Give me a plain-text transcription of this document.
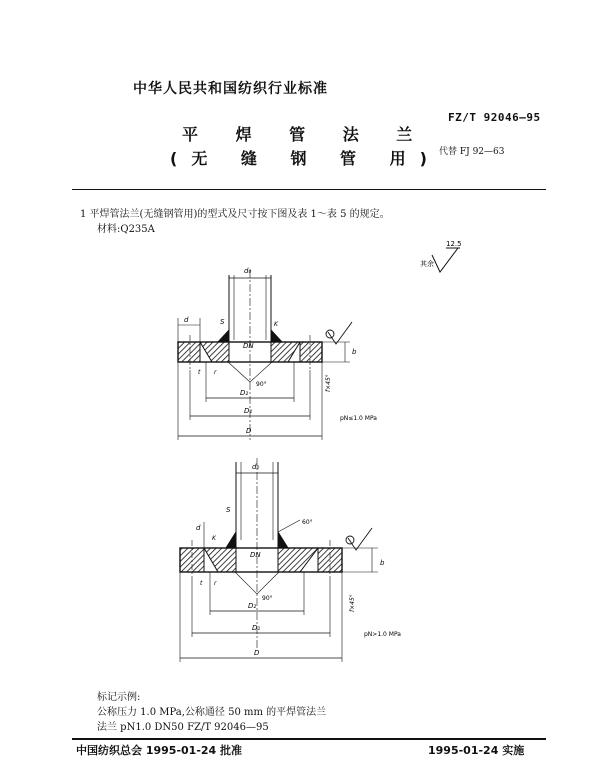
中华人民共和国纺织行业标准
FZ/T 92046—95
平 焊 管 法 兰
(无 缝 钢 管 用)
代替 FJ 92—63
1 平焊管法兰(无缝钢管用)的型式及尺寸按下图及表 1～表 5 的规定。
材料:Q235A
其余
12.5
d₀
S	K
d
DN
b
t r
90°
D₂
D₁
D
f×45°
pN≤1.0 MPa
d₀
S
60°
d
K
DN
b
t r
90°
D₂
D₁
D
f×45°
pN>1.0 MPa
标记示例:
公称压力 1.0 MPa,公称通径 50 mm 的平焊管法兰
法兰 pN1.0 DN50 FZ/T 92046—95
中国纺织总会 1995-01-24 批准	1995-01-24 实施
